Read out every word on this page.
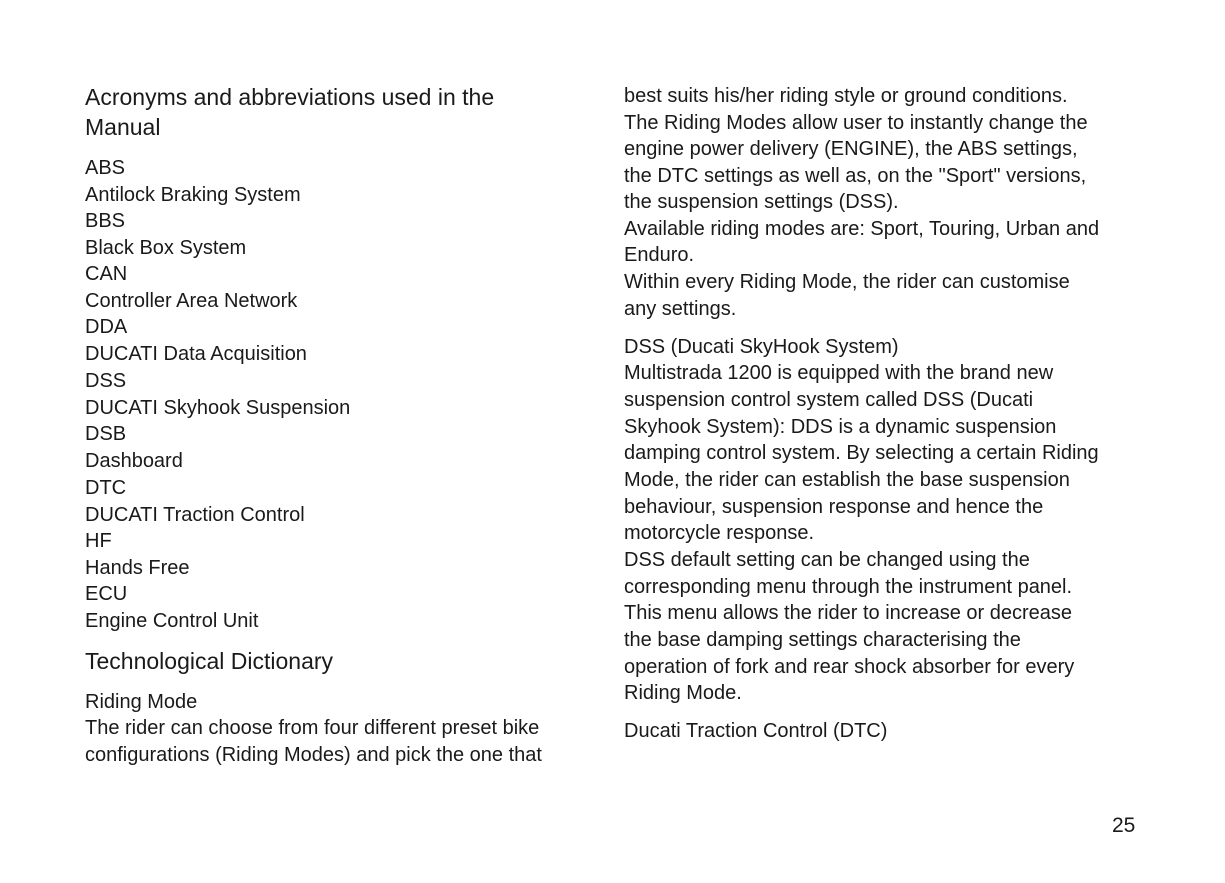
Acronyms and abbreviations used in the
Manual
ABS
Antilock Braking System
BBS
Black Box System
CAN
Controller Area Network
DDA
DUCATI Data Acquisition
DSS
DUCATI Skyhook Suspension
DSB
Dashboard
DTC
DUCATI Traction Control
HF
Hands Free
ECU
Engine Control Unit
Technological Dictionary
Riding Mode
The rider can choose from four different preset bike
configurations (Riding Modes) and pick the one that
best suits his/her riding style or ground conditions.
The Riding Modes allow user to instantly change the
engine power delivery (ENGINE), the ABS settings,
the DTC settings as well as, on the "Sport" versions,
the suspension settings (DSS).
Available riding modes are: Sport, Touring, Urban and
Enduro.
Within every Riding Mode, the rider can customise
any settings.
DSS (Ducati SkyHook System)
Multistrada 1200 is equipped with the brand new
suspension control system called DSS (Ducati
Skyhook System): DDS is a dynamic suspension
damping control system. By selecting a certain Riding
Mode, the rider can establish the base suspension
behaviour, suspension response and hence the
motorcycle response.
DSS default setting can be changed using the
corresponding menu through the instrument panel.
This menu allows the rider to increase or decrease
the base damping settings characterising the
operation of fork and rear shock absorber for every
Riding Mode.
Ducati Traction Control (DTC)
25
